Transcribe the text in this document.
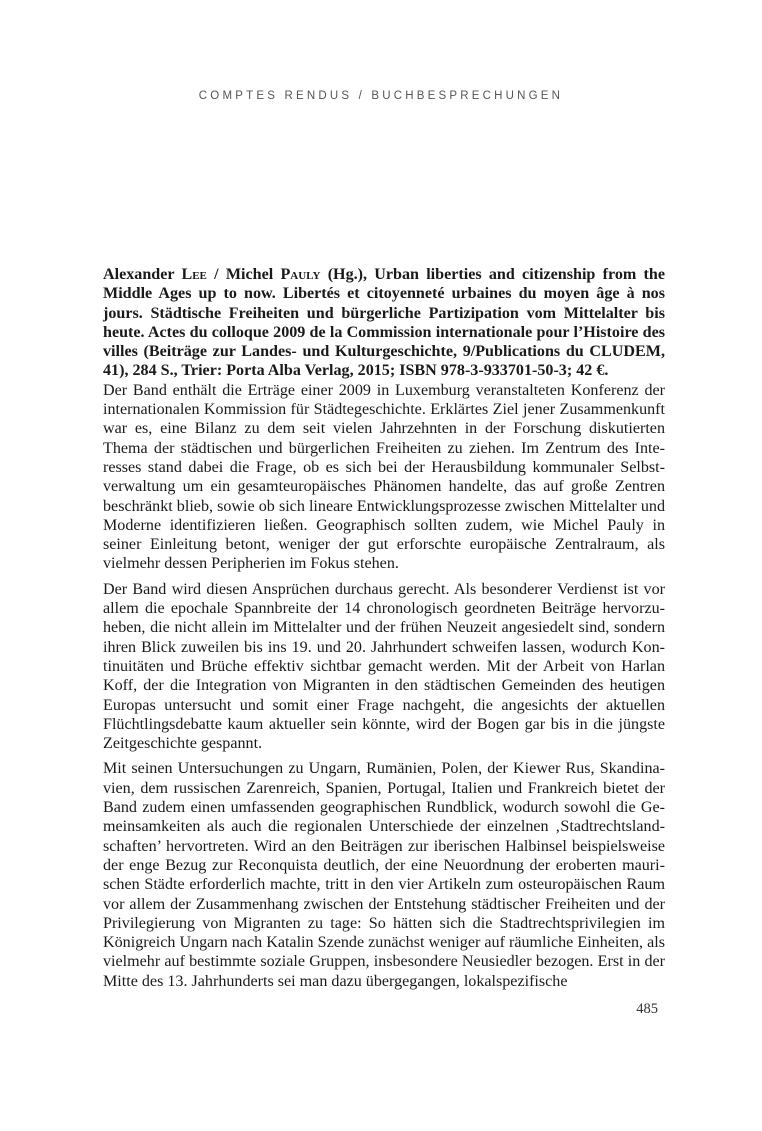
COMPTES RENDUS / BUCHBESPRECHUNGEN

Alexander Lee / Michel Pauly (Hg.), Urban liberties and citizenship from the Middle Ages up to now. Libertés et citoyenneté urbaines du moyen âge à nos jours. Städtische Freiheiten und bürgerliche Partizipation vom Mittelalter bis heute. Actes du colloque 2009 de la Commission internationale pour l’Histoire des villes (Beiträge zur Landes- und Kulturgeschichte, 9/Publications du CLUDEM, 41), 284 S., Trier: Porta Alba Verlag, 2015; ISBN 978-3-933701-50-3; 42 €.

Der Band enthält die Erträge einer 2009 in Luxemburg veranstalteten Konferenz der internationalen Kommission für Städtegeschichte. Erklärtes Ziel jener Zusammenkunft war es, eine Bilanz zu dem seit vielen Jahrzehnten in der Forschung diskutierten Thema der städtischen und bürgerlichen Freiheiten zu ziehen. Im Zentrum des Interesses stand dabei die Frage, ob es sich bei der Herausbildung kommunaler Selbstverwaltung um ein gesamteuropäisches Phänomen handelte, das auf große Zentren beschränkt blieb, sowie ob sich lineare Entwicklungsprozesse zwischen Mittelalter und Moderne identifizieren ließen. Geographisch sollten zudem, wie Michel Pauly in seiner Einleitung betont, weniger der gut erforschte europäische Zentralraum, als vielmehr dessen Peripherien im Fokus stehen.

Der Band wird diesen Ansprüchen durchaus gerecht. Als besonderer Verdienst ist vor allem die epochale Spannbreite der 14 chronologisch geordneten Beiträge hervorzuheben, die nicht allein im Mittelalter und der frühen Neuzeit angesiedelt sind, sondern ihren Blick zuweilen bis ins 19. und 20. Jahrhundert schweifen lassen, wodurch Kontinuitäten und Brüche effektiv sichtbar gemacht werden. Mit der Arbeit von Harlan Koff, der die Integration von Migranten in den städtischen Gemeinden des heutigen Europas untersucht und somit einer Frage nachgeht, die angesichts der aktuellen Flüchtlingsdebatte kaum aktueller sein könnte, wird der Bogen gar bis in die jüngste Zeitgeschichte gespannt.

Mit seinen Untersuchungen zu Ungarn, Rumänien, Polen, der Kiewer Rus, Skandinavien, dem russischen Zarenreich, Spanien, Portugal, Italien und Frankreich bietet der Band zudem einen umfassenden geographischen Rundblick, wodurch sowohl die Gemeinsamkeiten als auch die regionalen Unterschiede der einzelnen ‚Stadtrechtslandschaften’ hervortreten. Wird an den Beiträgen zur iberischen Halbinsel beispielsweise der enge Bezug zur Reconquista deutlich, der eine Neuordnung der eroberten maurischen Städte erforderlich machte, tritt in den vier Artikeln zum osteuropäischen Raum vor allem der Zusammenhang zwischen der Entstehung städtischer Freiheiten und der Privilegierung von Migranten zu tage: So hätten sich die Stadtrechtsprivilegien im Königreich Ungarn nach Katalin Szende zunächst weniger auf räumliche Einheiten, als vielmehr auf bestimmte soziale Gruppen, insbesondere Neusiedler bezogen. Erst in der Mitte des 13. Jahrhunderts sei man dazu übergegangen, lokalspezifische

485
